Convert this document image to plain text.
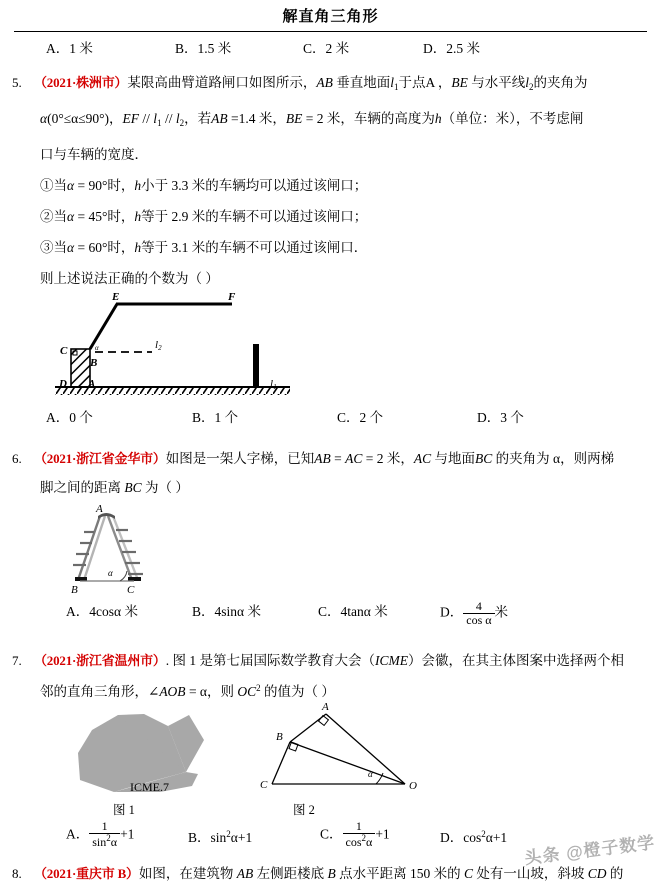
解直角三角形
A．1 米	B．1.5 米	C．2 米	D．2.5 米
5. （2021·株洲市）某限高曲臂道路闸口如图所示，AB 垂直地面$l_1$于点A ，BE 与水平线$l_2$的夹角为
α(0°≤α≤90°)，EF // $l_1 // l_2$，若AB =1.4 米，BE = 2 米，车辆的高度为h（单位：米），不考虑闸
口与车辆的宽度．
①当α = 90°时，h小于 3.3 米的车辆均可以通过该闸口；
②当α = 45°时，h等于 2.9 米的车辆不可以通过该闸口；
③当α = 60°时，h等于 3.1 米的车辆不可以通过该闸口．
则上述说法正确的个数为（ ）
E	F
C
B
D A
α	l2
l1
A．0 个	B．1 个	C．2 个	D．3 个
6. （2021·浙江省金华市）如图是一架人字梯，已知AB = AC = 2 米，AC 与地面BC 的夹角为 α，则两梯
脚之间的距离 BC 为（ ）
A
B	C
α
A．4cosα 米	B．4sinα 米	C．4tanα 米	D． $\frac{4}{\text{cos α}}$ 米
7. （2021·浙江省温州市）. 图 1 是第七届国际数学教育大会（ICME）会徽，在其主体图案中选择两个相
邻的直角三角形，∠AOB = α，则 $OC^2$ 的值为（ ）
ICME.7
图 1
A
B
C	O
α
图 2
A． $\frac{1}{\sin^2\alpha} +1$	B．$\sin^2\alpha+1$	C． $\frac{1}{\cos^2\alpha} +1$	D．$\cos^2\alpha+1$
8. （2021·重庆市 B）如图，在建筑物 AB 左侧距楼底 B 点水平距离 150 米的 C 处有一山坡，斜坡 CD 的
头条 @橙子数学
